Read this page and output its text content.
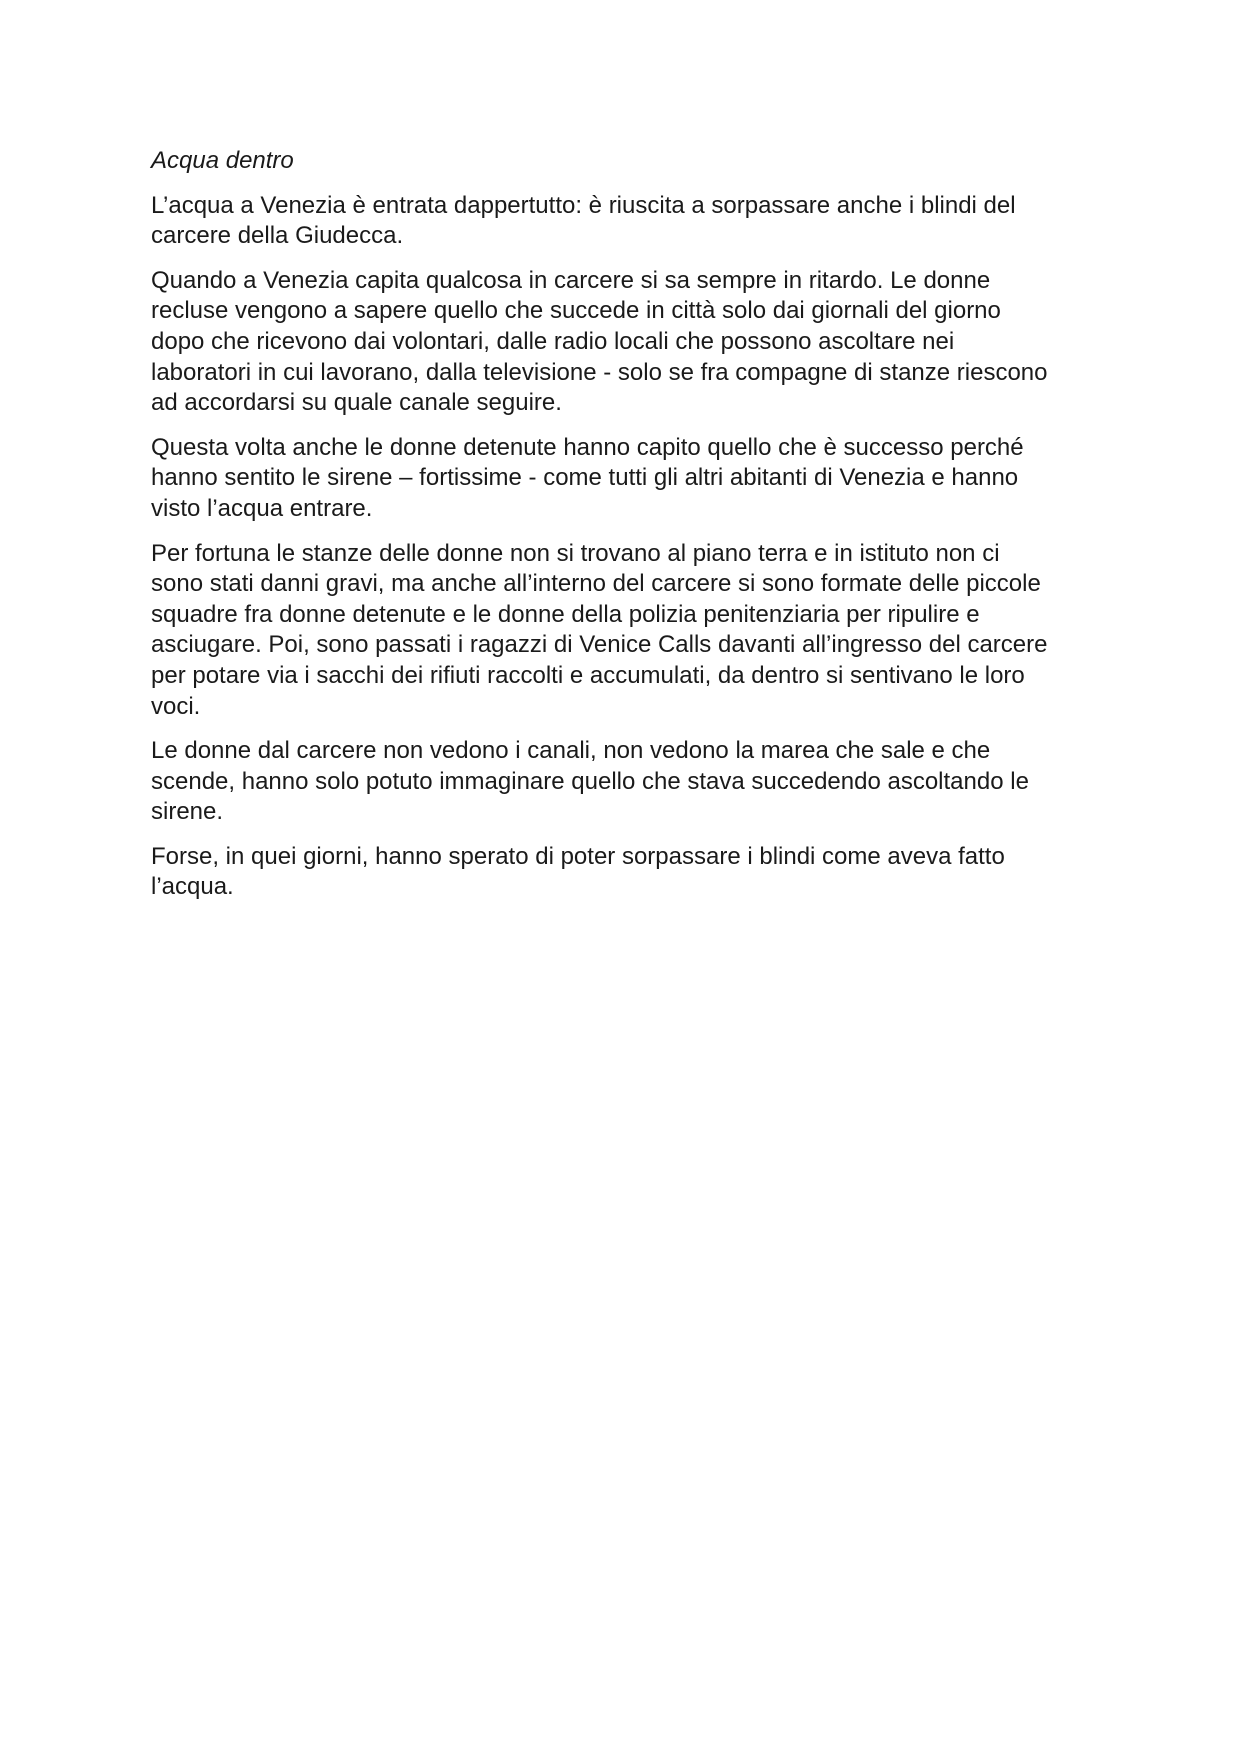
Acqua dentro
L’acqua a Venezia è entrata dappertutto: è riuscita a sorpassare anche i blindi del
carcere della Giudecca.
Quando a Venezia capita qualcosa in carcere si sa sempre in ritardo. Le donne
recluse vengono a sapere quello che succede in città solo dai giornali del giorno
dopo che ricevono dai volontari, dalle radio locali che possono ascoltare nei
laboratori in cui lavorano, dalla televisione - solo se fra compagne di stanze riescono
ad accordarsi su quale canale seguire.
Questa volta anche le donne detenute hanno capito quello che è successo perché
hanno sentito le sirene – fortissime - come tutti gli altri abitanti di Venezia e hanno
visto l’acqua entrare.
Per fortuna le stanze delle donne non si trovano al piano terra e in istituto non ci
sono stati danni gravi, ma anche all’interno del carcere si sono formate delle piccole
squadre fra donne detenute e le donne della polizia penitenziaria per ripulire e
asciugare. Poi, sono passati i ragazzi di Venice Calls davanti all’ingresso del carcere
per potare via i sacchi dei rifiuti raccolti e accumulati, da dentro si sentivano le loro
voci.
Le donne dal carcere non vedono i canali, non vedono la marea che sale e che
scende, hanno solo potuto immaginare quello che stava succedendo ascoltando le
sirene.
Forse, in quei giorni, hanno sperato di poter sorpassare i blindi come aveva fatto
l’acqua.
